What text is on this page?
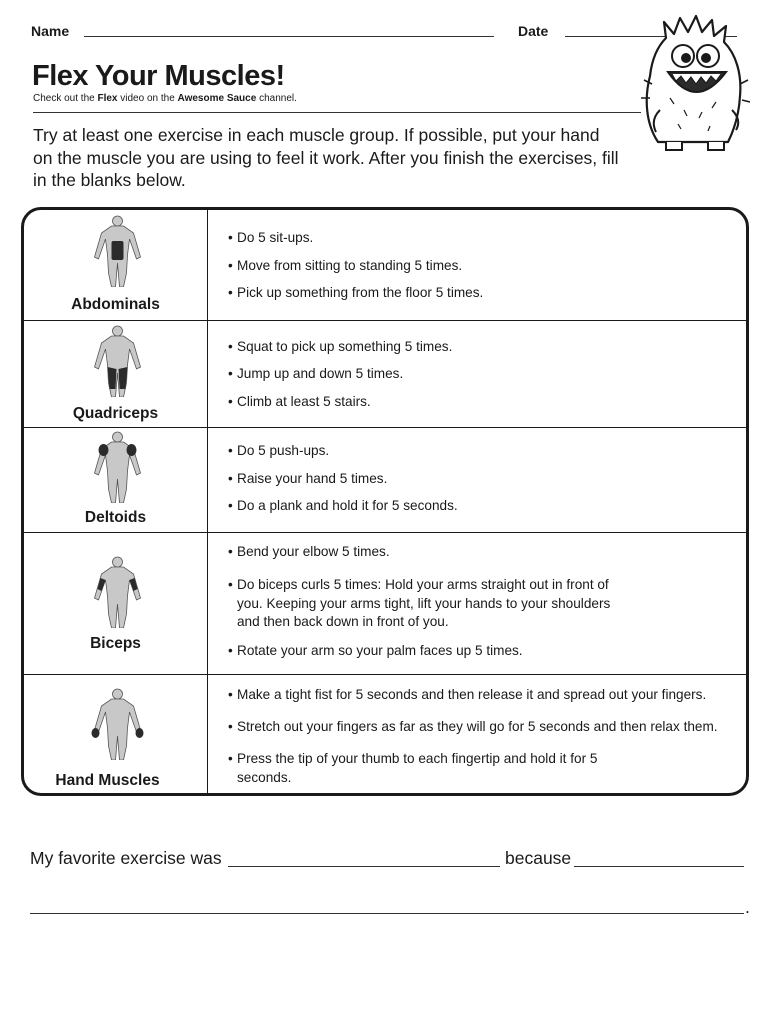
Name	Date
Flex Your Muscles!
Check out the Flex video on the Awesome Sauce channel.
Try at least one exercise in each muscle group. If possible, put your hand on the muscle you are using to feel it work. After you finish the exercises, fill in the blanks below.
Abdominals
• Do 5 sit-ups.
• Move from sitting to standing 5 times.
• Pick up something from the floor 5 times.
Quadriceps
• Squat to pick up something 5 times.
• Jump up and down 5 times.
• Climb at least 5 stairs.
Deltoids
• Do 5 push-ups.
• Raise your hand 5 times.
• Do a plank and hold it for 5 seconds.
Biceps
• Bend your elbow 5 times.
• Do biceps curls 5 times: Hold your arms straight out in front of you. Keeping your arms tight, lift your hands to your shoulders and then back down in front of you.
• Rotate your arm so your palm faces up 5 times.
Hand Muscles
• Make a tight fist for 5 seconds and then release it and spread out your fingers.
• Stretch out your fingers as far as they will go for 5 seconds and then relax them.
• Press the tip of your thumb to each fingertip and hold it for 5 seconds.
My favorite exercise was	because
.
